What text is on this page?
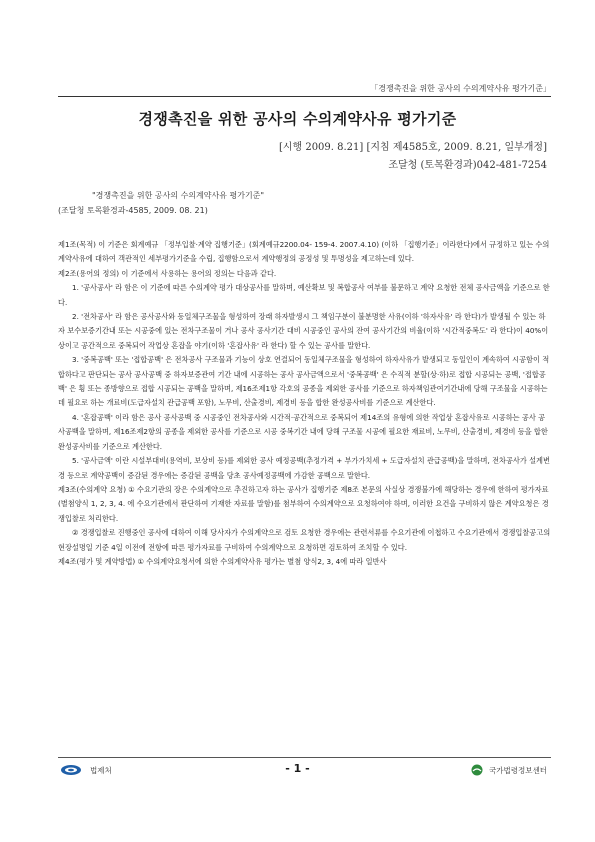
「경쟁촉진을 위한 공사의 수의계약사유 평가기준」
경쟁촉진을 위한 공사의 수의계약사유 평가기준
[시행 2009. 8.21] [지침 제4585호, 2009. 8.21, 일부개정]
조달청 (토목환경과)042-481-7254
"경쟁촉진을 위한 공사의 수의계약사유 평가기준"
(조달청 토목환경과-4585, 2009. 08. 21)

제1조(목적) 이 기준은 회계예규 「정부입찰·계약 집행기준」(회계예규2200.04- 159-4. 2007.4.10) (이하 「집행기준」이라한다)에서 규정하고 있는 수의계약사유에 대하여 객관적인 세부평가기준을 수립, 집행함으로서 계약행정의 공정성 및 투명성을 제고하는데 있다.

제2조(용어의 정의) 이 기준에서 사용하는 용어의 정의는 다음과 같다.

1. '공사공사' 라 함은 이 기준에 따른 수의계약 평가 대상공사를 말하며, 예산확보 및 복합공사 여부를 불문하고 계약 요청한 전체 공사금액을 기준으로 한다.

2. '전차공사' 라 함은 공사공사와 동일체구조물을 형성하여 장래 하자발생시 그 책임구분이 불분명한 사유(이하 '하자사유' 라 한다)가 발생될 수 있는 하자 보수보증기간내 또는 시공중에 있는 전차구조물이 거나 공사 공사기간 대비 시공중인 공사의 잔여 공사기간의 비율(이하 '시간적중복도' 라 한다)이 40%이 상이고 공간적으로 중복되어 작업상 혼잡을 야기(이하 '혼잡사유' 라 한다) 할 수 있는 공사를 말한다.

3. '중복공백' 또는 '접합공백' 은 전차공사 구조물과 기능이 상호 연결되어 동일체구조물을 형성하여 하자사유가 발생되고 동일인이 계속하여 시공함이 적합하다고 판단되는 공사 공사공백 중 하자보증관여 기간 내에 시공하는 공사 공사금액으로서 '중복공백' 은 수직적 분할(상·하)로 접합 시공되는 공백, '접합공백' 은 횡 또는 종방향으로 접합 시공되는 공백을 말하며, 제16조제1항 각호의 공종을 제외한 공사를 기준으로 하자책임관여기간내에 당해 구조물을 시공하는데 필요로 하는 개료비(도급자설치 관급공백 포함), 노무비, 산출경비, 제경비 등을 합한 완성공사비를 기준으로 계산한다.

4. '혼잡공백' 이라 함은 공사 공사공백 중 시공중인 전차공사와 시간적·공간적으로 중복되어 제14조의 유형에 의한 작업상 혼잡사유로 시공하는 공사 공사공백을 말하며, 제16조제2항의 공종을 제외한 공사를 기준으로 시공 중복기간 내에 당해 구조물 시공에 필요한 재료비, 노무비, 산출경비, 제경비 등을 합한 완성공사비를 기준으로 계산한다.

5. '공사금액' 이란 시설부대비(용역비, 보상비 등)를 제외한 공사 예정공백(추정가격 + 부가가치세 + 도급자설치 관급공백)을 말하며, 전차공사가 설계변경 등으로 계약공백이 증감된 경우에는 증감된 공백을 당초 공사예정공백에 가감한 공백으로 말한다.

제3조(수의계약 요청) ① 수요기관의 장은 수의계약으로 추진하고자 하는 공사가 집행기준 제8조 본문의 사실상 경쟁불가에 해당하는 경우에 한하여 평가자료(별첨양식 1, 2, 3, 4. 에 수요기관에서 판단하여 기재한 자료를 말함)를 첨부하여 수의계약으로 요청하여야 하며, 이러한 요건을 구비하지 않은 계약요청은 경쟁입찰로 처리한다.

② 경쟁입찰로 진행중인 공사에 대하여 이해 당사자가 수의계약으로 검토 요청한 경우에는 관련서류를 수요기관에 이첩하고 수요기관에서 경쟁입찰공고의 현장설명일 기준 4일 이전에 전항에 따른 평가자료를 구비하여 수의계약으로 요청하면 검토하여 조치할 수 있다.

제4조(평가 및 계약방법) ① 수의계약요청서에 의한 수의계약사유 평가는 별첨 양식2, 3, 4에 따라 일반사

법제처	- 1 -	국가법령정보센터
